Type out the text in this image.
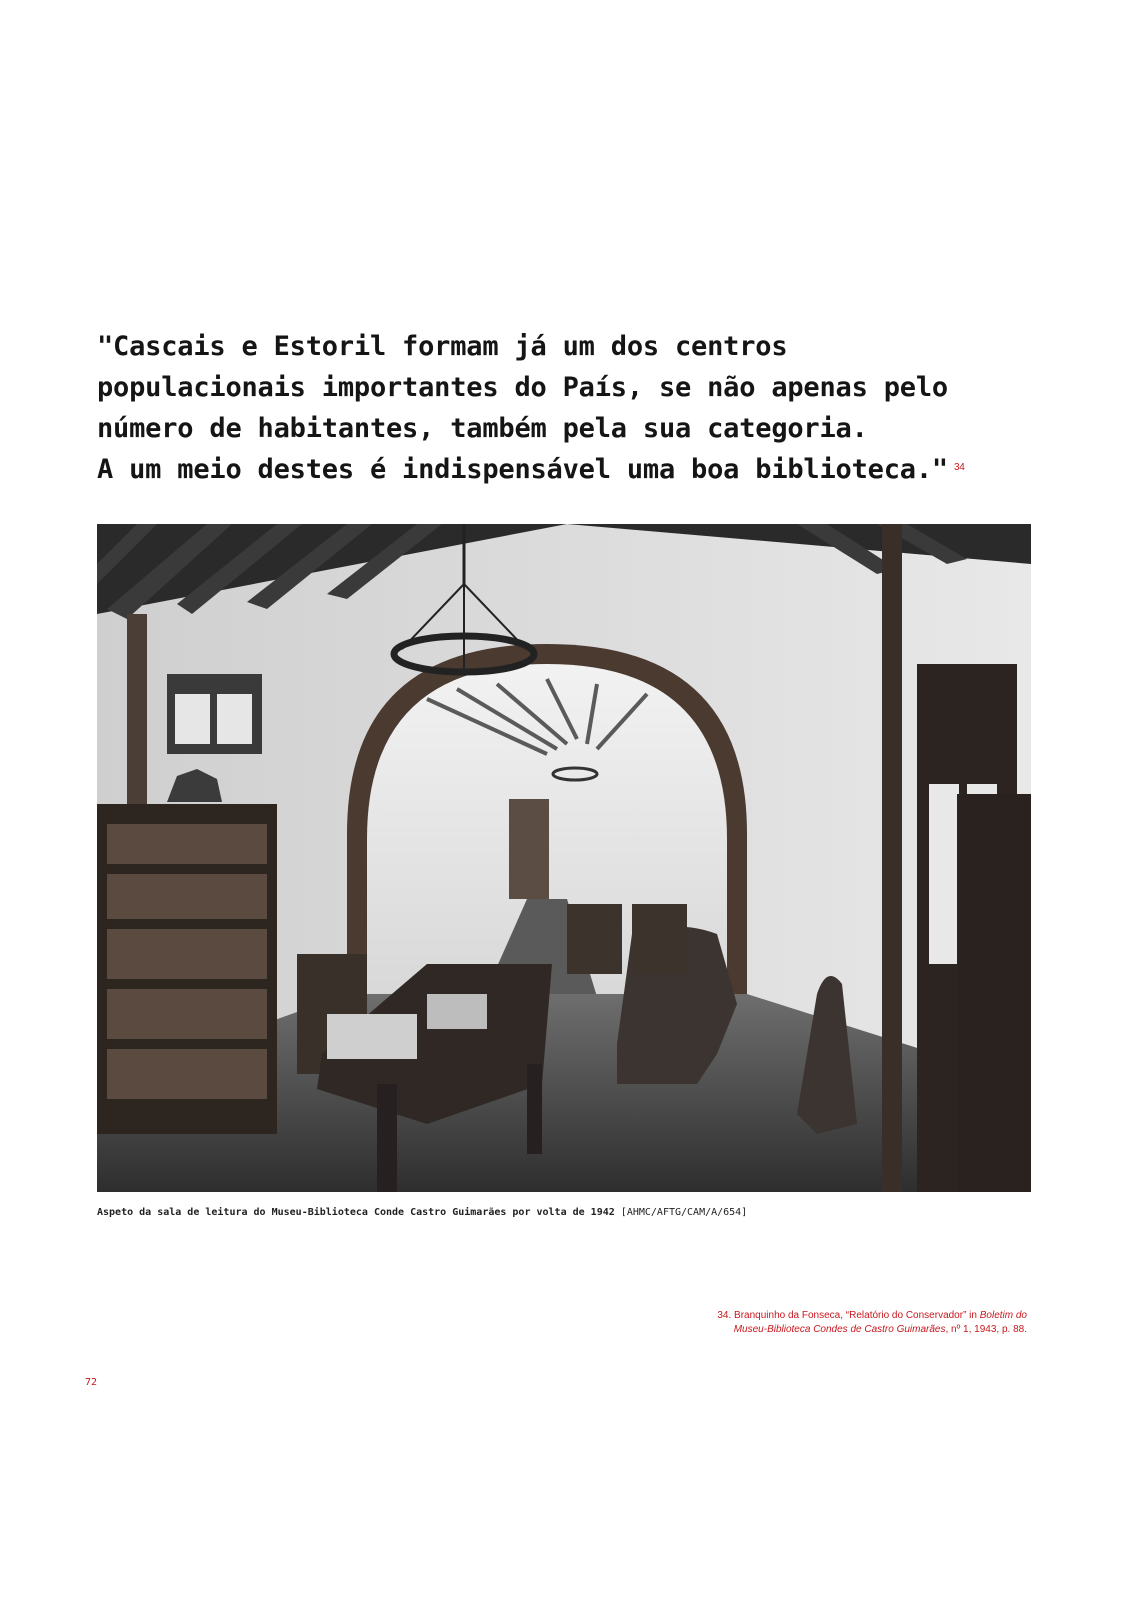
"Cascais e Estoril formam já um dos centros
populacionais importantes do País, se não apenas pelo
número de habitantes, também pela sua categoria.
A um meio destes é indispensável uma boa biblioteca." $^{34}$
Aspeto da sala de leitura do Museu-Biblioteca Conde Castro Guimarães por volta de 1942 [AHMC/AFTG/CAM/A/654]
34. Branquinho da Fonseca, “Relatório do Conservador” in Boletim do
Museu-Biblioteca Condes de Castro Guimarães, nº 1, 1943, p. 88.
72
